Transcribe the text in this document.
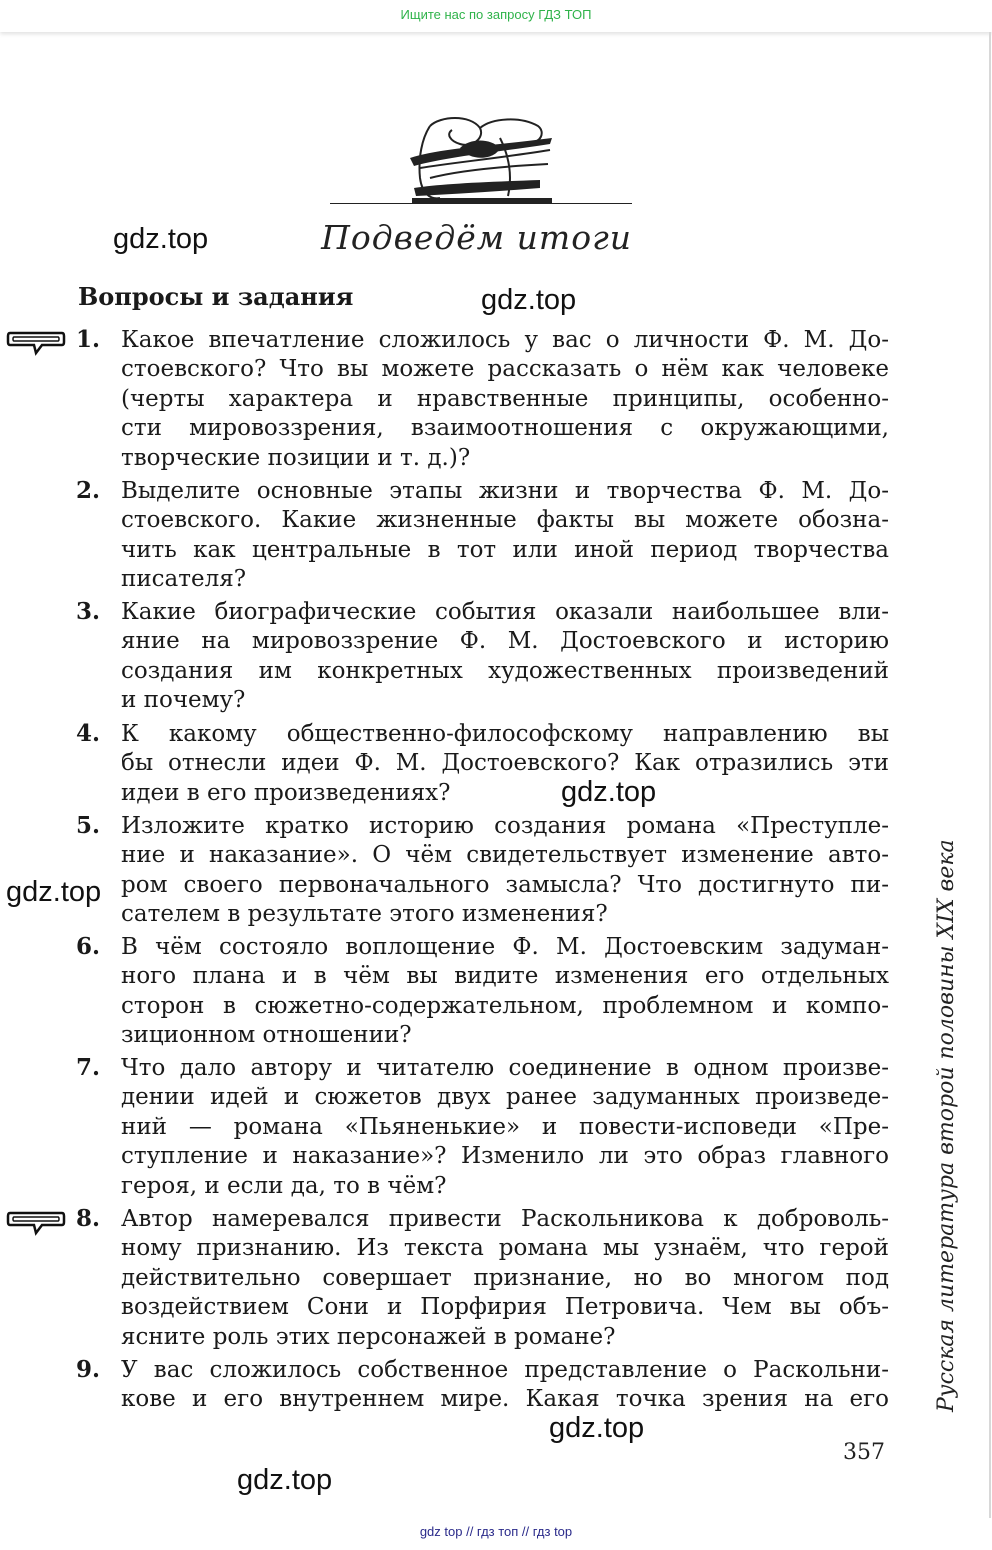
Ищите нас по запросу ГДЗ ТОП
Подведём итоги
Вопросы и задания
gdz.top
gdz.top
gdz.top
gdz.top
gdz.top
gdz.top
1. Какое впечатление сложилось у вас о личности Ф. М. До-
стоевского? Что вы можете рассказать о нём как человеке
(черты характера и нравственные принципы, особенно-
сти мировоззрения, взаимоотношения с окружающими,
творческие позиции и т. д.)?
2. Выделите основные этапы жизни и творчества Ф. М. До-
стоевского. Какие жизненные факты вы можете обозна-
чить как центральные в тот или иной период творчества
писателя?
3. Какие биографические события оказали наибольшее вли-
яние на мировоззрение Ф. М. Достоевского и историю
создания им конкретных художественных произведений
и почему?
4. К какому общественно-философскому направлению вы
бы отнесли идеи Ф. М. Достоевского? Как отразились эти
идеи в его произведениях?
5. Изложите кратко историю создания романа «Преступле-
ние и наказание». О чём свидетельствует изменение авто-
ром своего первоначального замысла? Что достигнуто пи-
сателем в результате этого изменения?
6. В чём состояло воплощение Ф. М. Достоевским задуман-
ного плана и в чём вы видите изменения его отдельных
сторон в сюжетно-содержательном, проблемном и компо-
зиционном отношении?
7. Что дало автору и читателю соединение в одном произве-
дении идей и сюжетов двух ранее задуманных произведе-
ний — романа «Пьяненькие» и повести-исповеди «Пре-
ступление и наказание»? Изменило ли это образ главного
героя, и если да, то в чём?
8. Автор намеревался привести Раскольникова к доброволь-
ному признанию. Из текста романа мы узнаём, что герой
действительно совершает признание, но во многом под
воздействием Сони и Порфирия Петровича. Чем вы объ-
ясните роль этих персонажей в романе?
9. У вас сложилось собственное представление о Раскольни-
кове и его внутреннем мире. Какая точка зрения на его Русская литература второй половины XIX века
357
gdz top // гдз топ // гдз top
